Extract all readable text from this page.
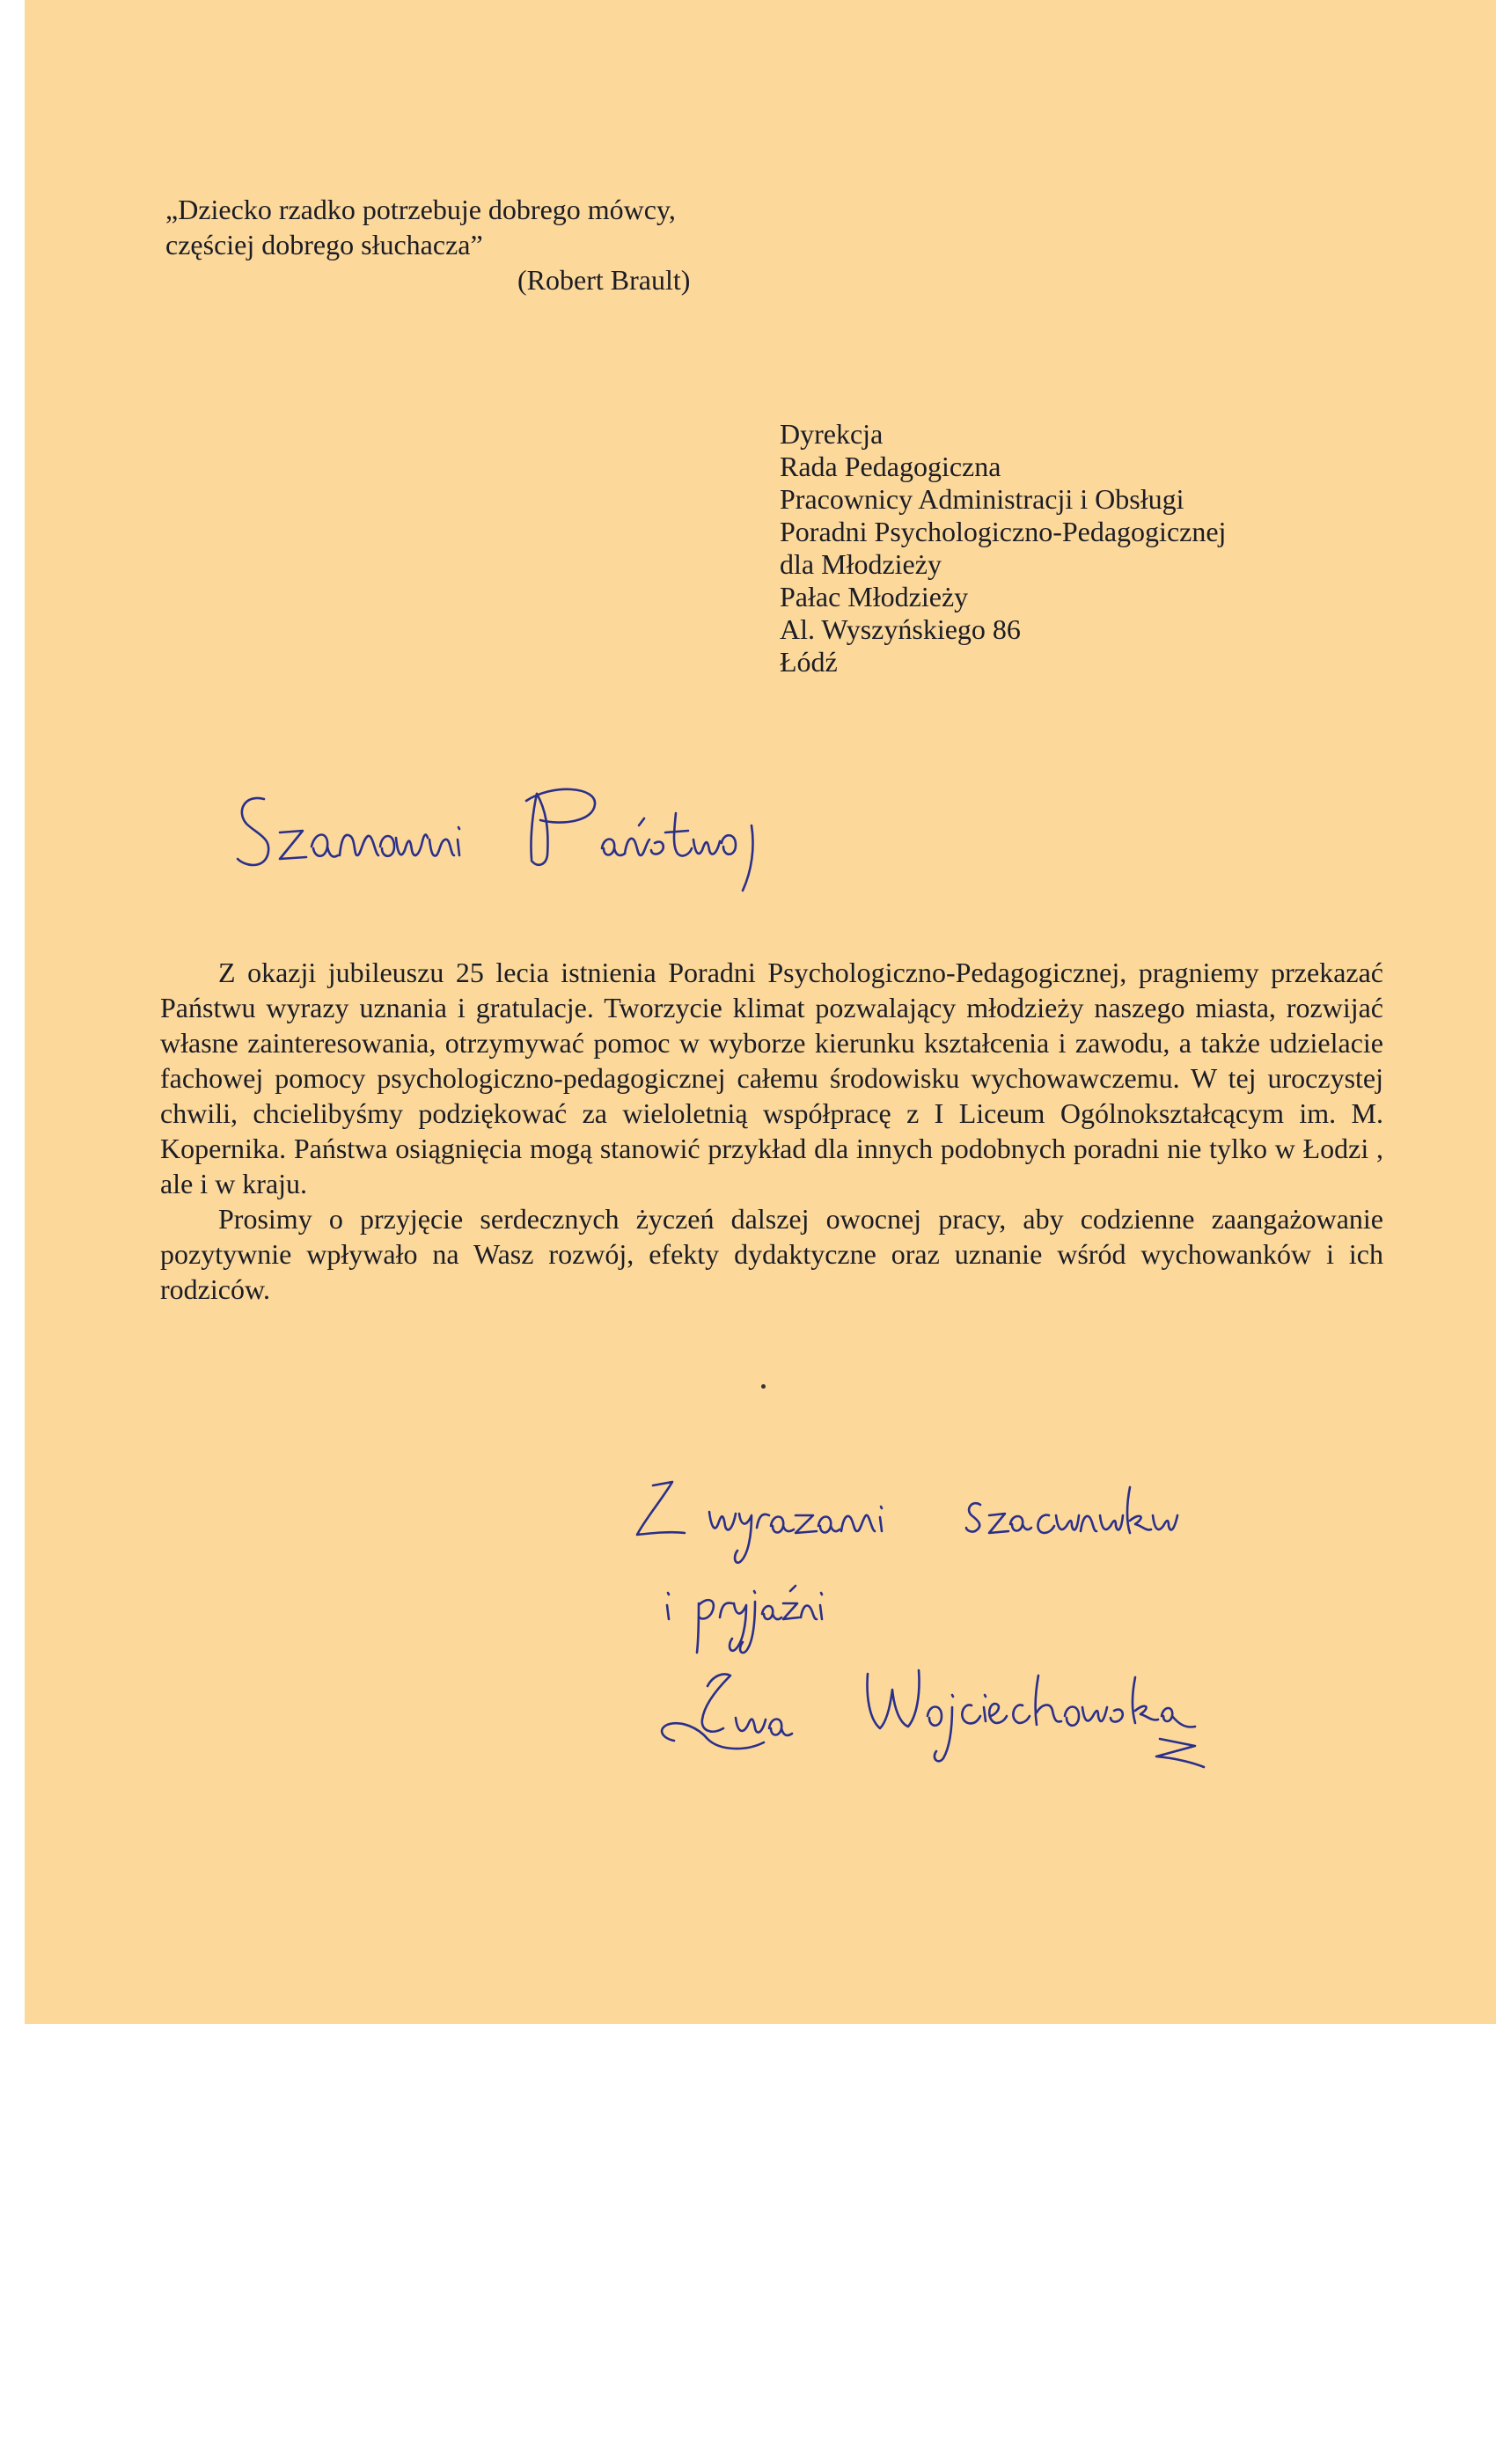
„Dziecko rzadko potrzebuje dobrego mówcy,
częściej dobrego słuchacza”
(Robert Brault)
Dyrekcja
Rada Pedagogiczna
Pracownicy Administracji i Obsługi
Poradni Psychologiczno-Pedagogicznej
dla Młodzieży
Pałac Młodzieży
Al. Wyszyńskiego 86
Łódź

Z okazji jubileuszu 25 lecia istnienia Poradni Psychologiczno-Pedagogicznej, pragniemy przekazać Państwu wyrazy uznania i gratulacje. Tworzycie klimat pozwalający młodzieży naszego miasta, rozwijać własne zainteresowania, otrzymywać pomoc w wyborze kierunku kształcenia i zawodu, a także udzielacie fachowej pomocy psychologiczno-pedagogicznej całemu środowisku wychowawczemu. W tej uroczystej chwili, chcielibyśmy podziękować za wieloletnią współpracę z I Liceum Ogólnokształcącym im. M. Kopernika. Państwa osiągnięcia mogą stanowić przykład dla innych podobnych poradni nie tylko w Łodzi , ale i w kraju.

Prosimy o przyjęcie serdecznych życzeń dalszej owocnej pracy, aby codzienne zaangażowanie pozytywnie wpływało na Wasz rozwój, efekty dydaktyczne oraz uznanie wśród wychowanków i ich rodziców.
